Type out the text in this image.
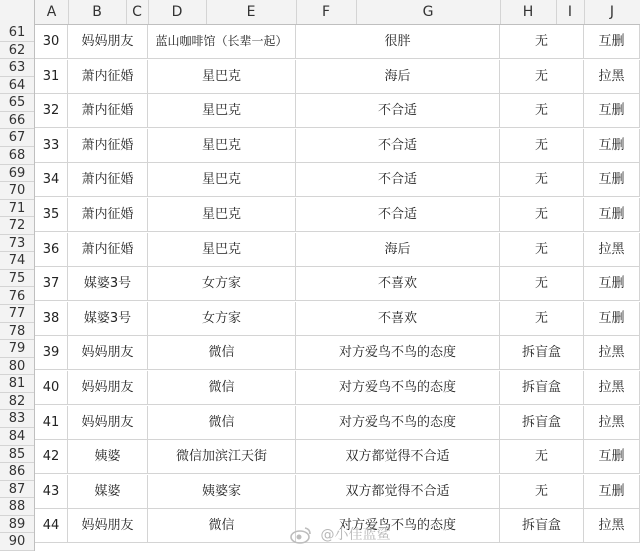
A	B	C	D	E	F	G	H	I	J
61
62
63
64
65
66
67
68
69
70
71
72
73
74
75
76
77
78
79
80
81
82
83
84
85
86
87
88
89
90
30	妈妈朋友	蓝山咖啡馆（长辈一起）	很胖	无	互删
31	萧内征婚	星巴克	海后	无	拉黑
32	萧内征婚	星巴克	不合适	无	互删
33	萧内征婚	星巴克	不合适	无	互删
34	萧内征婚	星巴克	不合适	无	互删
35	萧内征婚	星巴克	不合适	无	互删
36	萧内征婚	星巴克	海后	无	拉黑
37	媒婆3号	女方家	不喜欢	无	互删
38	媒婆3号	女方家	不喜欢	无	互删
39	妈妈朋友	微信	对方爱鸟不鸟的态度	拆盲盒	拉黑
40	妈妈朋友	微信	对方爱鸟不鸟的态度	拆盲盒	拉黑
41	妈妈朋友	微信	对方爱鸟不鸟的态度	拆盲盒	拉黑
42	姨婆	微信加滨江天街	双方都觉得不合适	无	互删
43	媒婆	姨婆家	双方都觉得不合适	无	互删
44	妈妈朋友	微信	对方爱鸟不鸟的态度	拆盲盒	拉黑
@小佳蓝鲨
